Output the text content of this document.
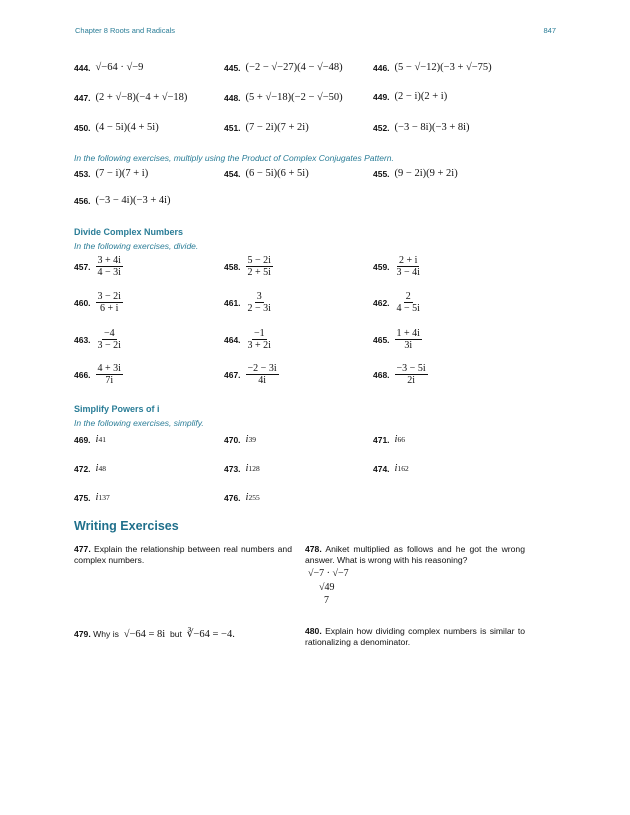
Chapter 8 Roots and Radicals	847
444. √−64 · √−9	445. (−2 − √−27)(4 − √−48)	446. (5 − √−12)(−3 + √−75)
447. (2 + √−8)(−4 + √−18)	448. (5 + √−18)(−2 − √−50)	449. (2 − i)(2 + i)
450. (4 − 5i)(4 + 5i)	451. (7 − 2i)(7 + 2i)	452. (−3 − 8i)(−3 + 8i)
In the following exercises, multiply using the Product of Complex Conjugates Pattern.
453. (7 − i)(7 + i)	454. (6 − 5i)(6 + 5i)	455. (9 − 2i)(9 + 2i)
456. (−3 − 4i)(−3 + 4i)
Divide Complex Numbers
In the following exercises, divide.
457. $\frac{3 + 4i}{4 - 3i}$	458. $\frac{5 - 2i}{2 + 5i}$	459. $\frac{2 + i}{3 - 4i}$
460. $\frac{3 - 2i}{6 + i}$	461. $\frac{3}{2 - 3i}$	462. $\frac{2}{4 - 5i}$
463. $\frac{-4}{3 - 2i}$	464. $\frac{-1}{3 + 2i}$	465. $\frac{1 + 4i}{3i}$
466. $\frac{4 + 3i}{7i}$	467. $\frac{-2 - 3i}{4i}$	468. $\frac{-3 - 5i}{2i}$
Simplify Powers of i
In the following exercises, simplify.
469. i 41	470. i 39	471. i 66
472. i 48	473. i 128	474. i 162
475. i 137	476. i 255
Writing Exercises
477. Explain the relationship between real numbers and complex numbers.
478. Aniket multiplied as follows and he got the wrong answer. What is wrong with his reasoning?
√−7 · √−7
√49
7
479. Why is √−64 = 8i but ∛−64 = −4.	480. Explain how dividing complex numbers is similar to rationalizing a denominator.
